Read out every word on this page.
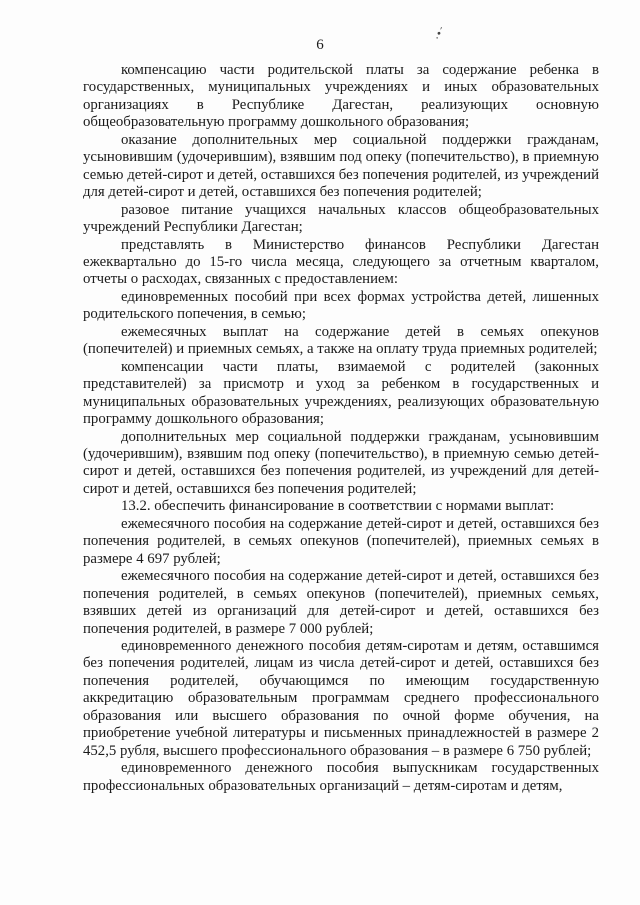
6
.•´

компенсацию части родительской платы за содержание ребенка в государственных, муниципальных учреждениях и иных образовательных организациях в Республике Дагестан, реализующих основную общеобразовательную программу дошкольного образования;

оказание дополнительных мер социальной поддержки гражданам, усыновившим (удочерившим), взявшим под опеку (попечительство), в приемную семью детей-сирот и детей, оставшихся без попечения родителей, из учреждений для детей-сирот и детей, оставшихся без попечения родителей;

разовое питание учащихся начальных классов общеобразовательных учреждений Республики Дагестан;

представлять в Министерство финансов Республики Дагестан ежеквартально до 15-го числа месяца, следующего за отчетным кварталом, отчеты о расходах, связанных с предоставлением:

единовременных пособий при всех формах устройства детей, лишенных родительского попечения, в семью;

ежемесячных выплат на содержание детей в семьях опекунов (попечителей) и приемных семьях, а также на оплату труда приемных родителей;

компенсации части платы, взимаемой с родителей (законных представителей) за присмотр и уход за ребенком в государственных и муниципальных образовательных учреждениях, реализующих образовательную программу дошкольного образования;

дополнительных мер социальной поддержки гражданам, усыновившим (удочерившим), взявшим под опеку (попечительство), в приемную семью детей-сирот и детей, оставшихся без попечения родителей, из учреждений для детей-сирот и детей, оставшихся без попечения родителей;

13.2. обеспечить финансирование в соответствии с нормами выплат:

ежемесячного пособия на содержание детей-сирот и детей, оставшихся без попечения родителей, в семьях опекунов (попечителей), приемных семьях в размере 4 697 рублей;

ежемесячного пособия на содержание детей-сирот и детей, оставшихся без попечения родителей, в семьях опекунов (попечителей), приемных семьях, взявших детей из организаций для детей-сирот и детей, оставшихся без попечения родителей, в размере 7 000 рублей;

единовременного денежного пособия детям-сиротам и детям, оставшимся без попечения родителей, лицам из числа детей-сирот и детей, оставшихся без попечения родителей, обучающимся по имеющим государственную аккредитацию образовательным программам среднего профессионального образования или высшего образования по очной форме обучения, на приобретение учебной литературы и письменных принадлежностей в размере 2 452,5 рубля, высшего профессионального образования – в размере 6 750 рублей;

единовременного денежного пособия выпускникам государственных профессиональных образовательных организаций – детям-сиротам и детям,
